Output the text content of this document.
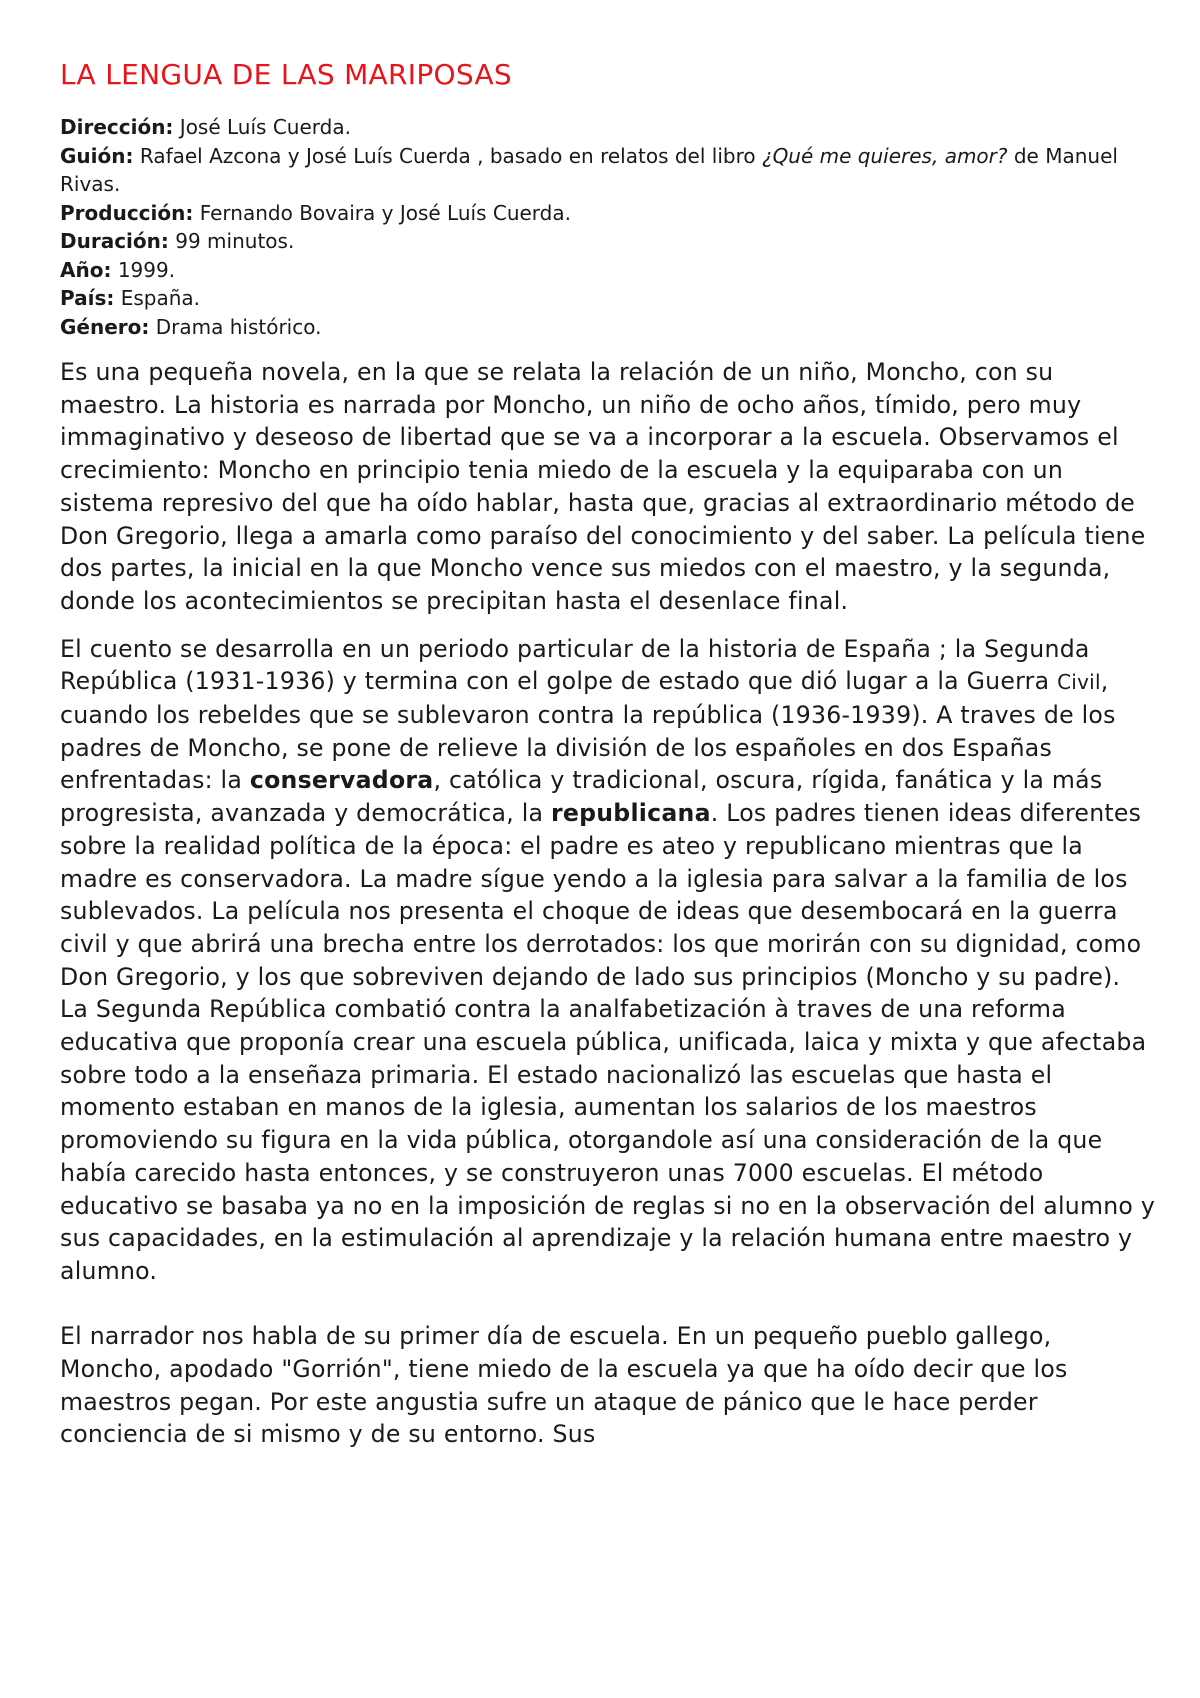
LA LENGUA DE LAS MARIPOSAS
Dirección: José Luís Cuerda.
Guión: Rafael Azcona y José Luís Cuerda , basado en relatos del libro ¿Qué me quieres, amor? de Manuel Rivas.
Producción: Fernando Bovaira y José Luís Cuerda.
Duración: 99 minutos.
Año: 1999.
País: España.
Género: Drama histórico.

Es una pequeña novela, en la que se relata la relación de un niño, Moncho, con su maestro. La historia es narrada por Moncho, un niño de ocho años, tímido, pero muy immaginativo y deseoso de libertad que se va a incorporar a la escuela. Observamos el crecimiento: Moncho en principio tenia miedo de la escuela y la equiparaba con un sistema represivo del que ha oído hablar, hasta que, gracias al extraordinario método de Don Gregorio, llega a amarla como paraíso del conocimiento y del saber. La película tiene dos partes, la inicial en la que Moncho vence sus miedos con el maestro, y la segunda, donde los acontecimientos se precipitan hasta el desenlace final.

El cuento se desarrolla en un periodo particular de la historia de España ; la Segunda República (1931-1936) y termina con el golpe de estado que dió lugar a la Guerra Civil, cuando los rebeldes que se sublevaron contra la república (1936-1939). A traves de los padres de Moncho, se pone de relieve la división de los españoles en dos Españas enfrentadas: la conservadora, católica y tradicional, oscura, rígida, fanática y la más progresista, avanzada y democrática, la republicana. Los padres tienen ideas diferentes sobre la realidad política de la época: el padre es ateo y republicano mientras que la madre es conservadora. La madre sígue yendo a la iglesia para salvar a la familia de los sublevados. La película nos presenta el choque de ideas que desembocará en la guerra civil y que abrirá una brecha entre los derrotados: los que morirán con su dignidad, como Don Gregorio, y los que sobreviven dejando de lado sus principios (Moncho y su padre).

La Segunda República combatió contra la analfabetización à traves de una reforma educativa que proponía crear una escuela pública, unificada, laica y mixta y que afectaba sobre todo a la enseñaza primaria. El estado nacionalizó las escuelas que hasta el momento estaban en manos de la iglesia, aumentan los salarios de los maestros promoviendo su figura en la vida pública, otorgandole así una consideración de la que había carecido hasta entonces, y se construyeron unas 7000 escuelas. El método educativo se basaba ya no en la imposición de reglas si no en la observación del alumno y sus capacidades, en la estimulación al aprendizaje y la relación humana entre maestro y alumno.

El narrador nos habla de su primer día de escuela. En un pequeño pueblo gallego, Moncho, apodado "Gorrión", tiene miedo de la escuela ya que ha oído decir que los maestros pegan. Por este angustia sufre un ataque de pánico que le hace perder conciencia de si mismo y de su entorno. Sus
